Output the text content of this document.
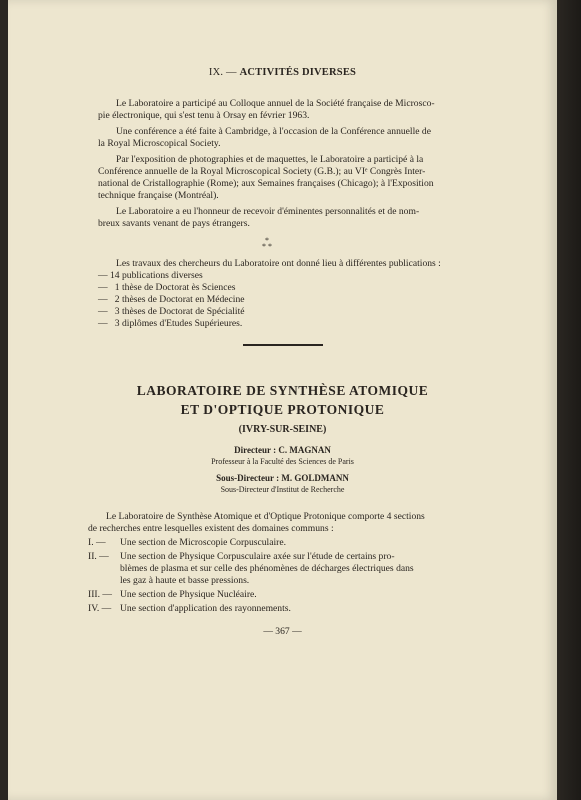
IX. — ACTIVITÉS DIVERSES
Le Laboratoire a participé au Colloque annuel de la Société française de Microsco-
pie électronique, qui s'est tenu à Orsay en février 1963.
Une conférence a été faite à Cambridge, à l'occasion de la Conférence annuelle de
la Royal Microscopical Society.
Par l'exposition de photographies et de maquettes, le Laboratoire a participé à la
Conférence annuelle de la Royal Microscopical Society (G.B.); au VIᵉ Congrès Inter-
national de Cristallographie (Rome); aux Semaines françaises (Chicago); à l'Exposition
technique française (Montréal).
Le Laboratoire a eu l'honneur de recevoir d'éminentes personnalités et de nom-
breux savants venant de pays étrangers.
*
* *
Les travaux des chercheurs du Laboratoire ont donné lieu à différentes publications :
— 14 publications diverses
—   1 thèse de Doctorat ès Sciences
—   2 thèses de Doctorat en Médecine
—   3 thèses de Doctorat de Spécialité
—   3 diplômes d'Etudes Supérieures.
LABORATOIRE DE SYNTHÈSE ATOMIQUE
ET D'OPTIQUE PROTONIQUE
(IVRY-SUR-SEINE)
Directeur : C. MAGNAN
Professeur à la Faculté des Sciences de Paris
Sous-Directeur : M. GOLDMANN
Sous-Directeur d'Institut de Recherche
Le Laboratoire de Synthèse Atomique et d'Optique Protonique comporte 4 sections
de recherches entre lesquelles existent des domaines communs :
I. — Une section de Microscopie Corpusculaire.
II. — Une section de Physique Corpusculaire axée sur l'étude de certains pro-
blèmes de plasma et sur celle des phénomènes de décharges électriques dans
les gaz à haute et basse pressions.
III. — Une section de Physique Nucléaire.
IV. — Une section d'application des rayonnements.
— 367 —
